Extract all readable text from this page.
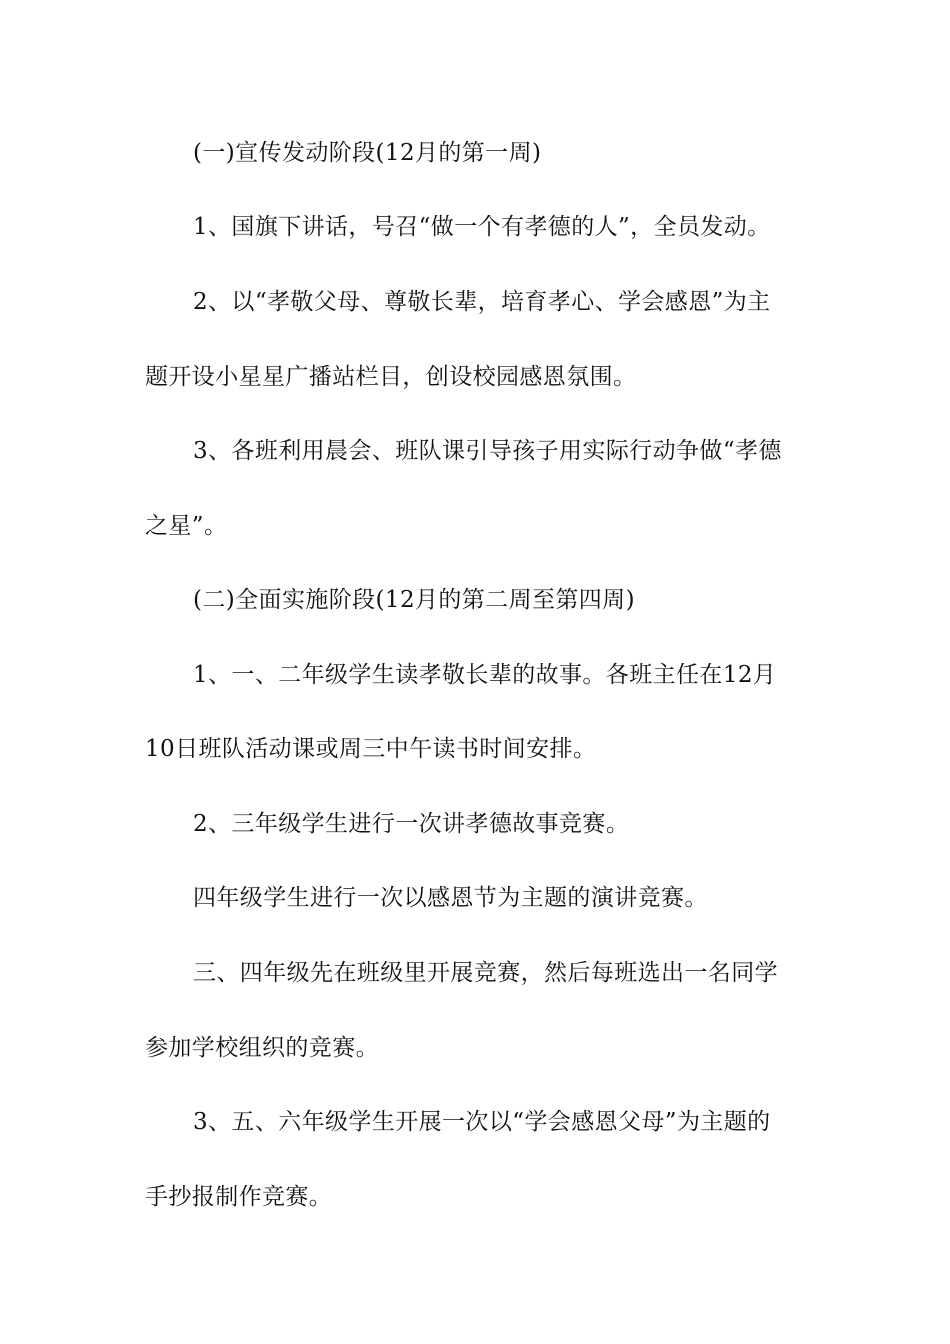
(一)宣传发动阶段(12月的第一周)
1、国旗下讲话，号召“做一个有孝德的人”，全员发动。
2、以“孝敬父母、尊敬长辈，培育孝心、学会感恩”为主
题开设小星星广播站栏目，创设校园感恩氛围。
3、各班利用晨会、班队课引导孩子用实际行动争做“孝德
之星”。
(二)全面实施阶段(12月的第二周至第四周)
1、一、二年级学生读孝敬长辈的故事。各班主任在12月
10日班队活动课或周三中午读书时间安排。
2、三年级学生进行一次讲孝德故事竞赛。
四年级学生进行一次以感恩节为主题的演讲竞赛。
三、四年级先在班级里开展竞赛，然后每班选出一名同学
参加学校组织的竞赛。
3、五、六年级学生开展一次以“学会感恩父母”为主题的
手抄报制作竞赛。
